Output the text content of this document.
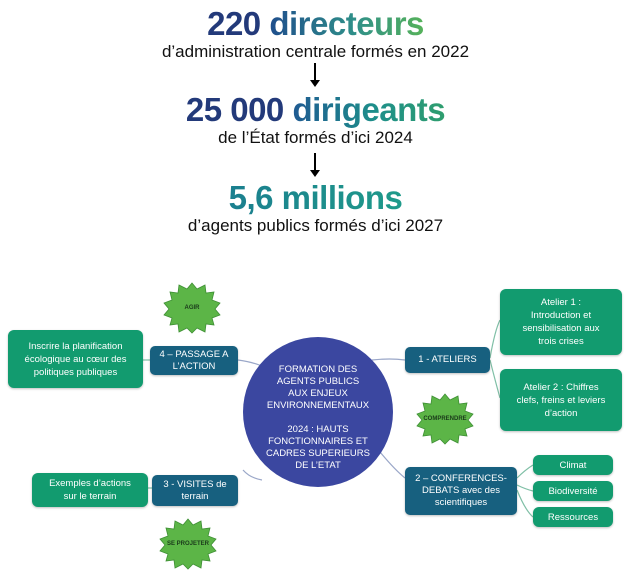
220 directeurs
d’administration centrale formés en 2022
25 000 dirigeants
de l’État formés d’ici 2024
5,6 millions
d’agents publics formés d’ici 2027

FORMATION DES

AGENTS PUBLICS

AUX ENJEUX

ENVIRONNEMENTAUX

2024 : HAUTS

FONCTIONNAIRES ET

CADRES SUPERIEURS

DE L’ETAT

1 - ATELIERS
2 – CONFERENCES-
DEBATS avec des
scientifiques
3 - VISITES de
terrain
4 – PASSAGE A
L’ACTION
Atelier 1 :
Introduction et
sensibilisation aux
trois crises
Atelier 2 : Chiffres
clefs, freins et leviers
d’action
Climat
Biodiversité
Ressources
Exemples d’actions
sur le terrain
Inscrire la planification
écologique au cœur des
politiques publiques
AGIR
COMPRENDRE
SE PROJETER
